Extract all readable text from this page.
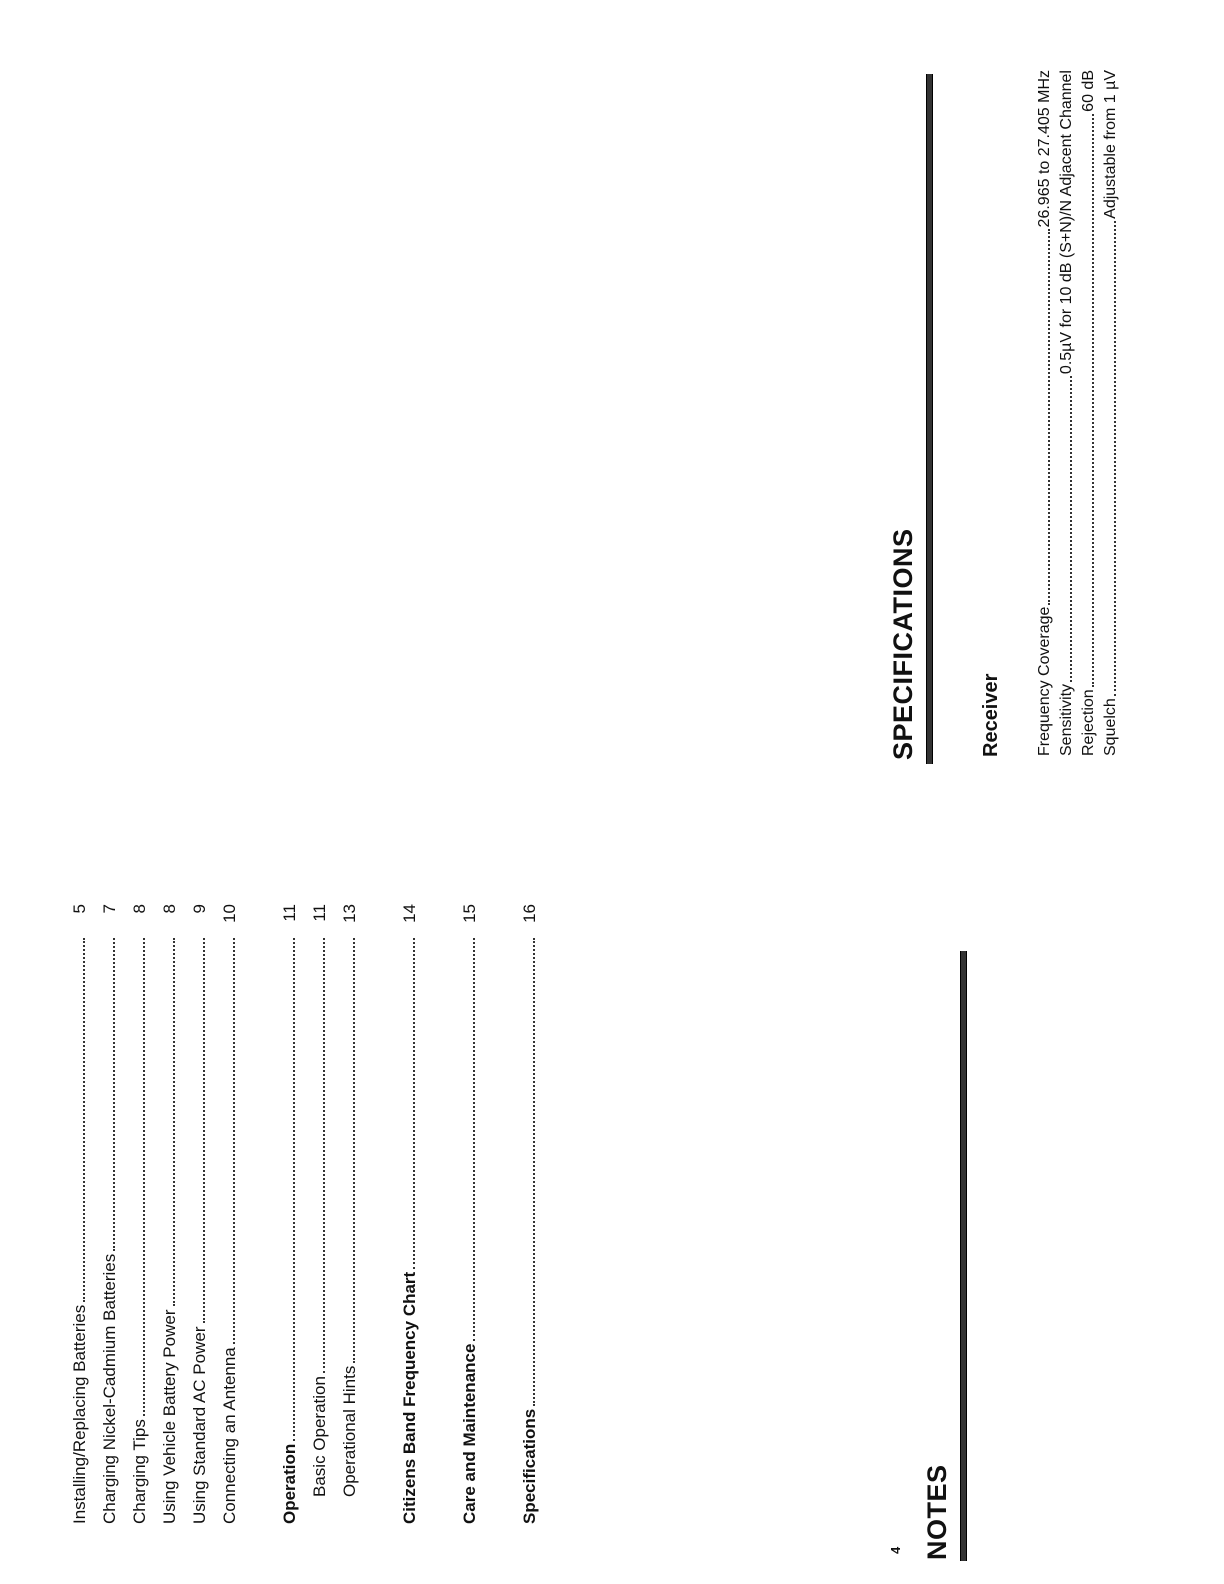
Installing/Replacing Batteries
5
Charging Nickel-Cadmium Batteries
7
Charging Tips
8
Using Vehicle Battery Power
8
Using Standard AC Power
9
Connecting an Antenna
10
Operation
11
Basic Operation
11
Operational Hints
13
Citizens Band Frequency Chart
14
Care and Maintenance
15
Specifications
16
4 NOTES
SPECIFICATIONS	Receiver Frequency Coverage
26.965 to 27.405 MHz
Sensitivity
0.5µV for 10 dB (S+N)/N Adjacent Channel
Rejection
60 dB
Squelch
Adjustable from 1 µV
